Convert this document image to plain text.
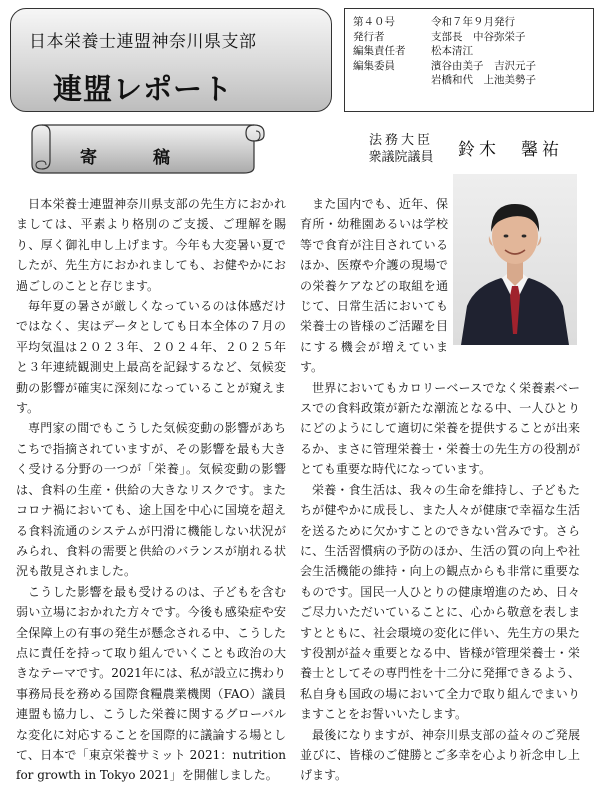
日本栄養士連盟神奈川県支部
連盟レポート
第４０号	令和７年９月発行
発行者	支部長　中谷弥栄子
編集責任者 松本清江
編集委員	濱谷由美子　吉沢元子
岩橋和代　上池美勢子
寄	稿
法務大臣
衆議院議員	鈴木　馨祐

日本栄養士連盟神奈川県支部の先生方におかれましては、平素より格別のご支援、ご理解を賜り、厚く御礼申し上げます。今年も大変暑い夏でしたが、先生方におかれましても、お健やかにお過ごしのことと存じます。

毎年夏の暑さが厳しくなっているのは体感だけではなく、実はデータとしても日本全体の７月の平均気温は２０２３年、２０２４年、２０２５年と３年連続観測史上最高を記録するなど、気候変動の影響が確実に深刻になっていることが窺えます。

専門家の間でもこうした気候変動の影響があちこちで指摘されていますが、その影響を最も大きく受ける分野の一つが「栄養」。気候変動の影響は、食料の生産・供給の大きなリスクです。またコロナ禍においても、途上国を中心に国境を超える食料流通のシステムが円滑に機能しない状況がみられ、食料の需要と供給のバランスが崩れる状況も散見されました。

こうした影響を最も受けるのは、子どもを含む弱い立場におかれた方々です。今後も感染症や安全保障上の有事の発生が懸念される中、こうした点に責任を持って取り組んでいくことも政治の大きなテーマです。2021年には、私が設立に携わり事務局長を務める国際食糧農業機関（FAO）議員連盟も協力し、こうした栄養に関するグローバルな変化に対応することを国際的に議論する場として、日本で「東京栄養サミット 2021：nutrition for growth in Tokyo 2021」を開催しました。

また国内でも、近年、保育所・幼稚園あるいは学校等で食育が注目されているほか、医療や介護の現場での栄養ケアなどの取組を通じて、日常生活においても栄養士の皆様のご活躍を目にする機会が増えています。

世界においてもカロリーベースでなく栄養素ベースでの食料政策が新たな潮流となる中、一人ひとりにどのようにして適切に栄養を提供することが出来るか、まさに管理栄養士・栄養士の先生方の役割がとても重要な時代になっています。

栄養・食生活は、我々の生命を維持し、子どもたちが健やかに成長し、また人々が健康で幸福な生活を送るために欠かすことのできない営みです。さらに、生活習慣病の予防のほか、生活の質の向上や社会生活機能の維持・向上の観点からも非常に重要なものです。国民一人ひとりの健康増進のため、日々ご尽力いただいていることに、心から敬意を表しますとともに、社会環境の変化に伴い、先生方の果たす役割が益々重要となる中、皆様が管理栄養士・栄養士としてその専門性を十二分に発揮できるよう、私自身も国政の場において全力で取り組んでまいりますことをお誓いいたします。

最後になりますが、神奈川県支部の益々のご発展並びに、皆様のご健勝とご多幸を心より祈念申し上げます。
